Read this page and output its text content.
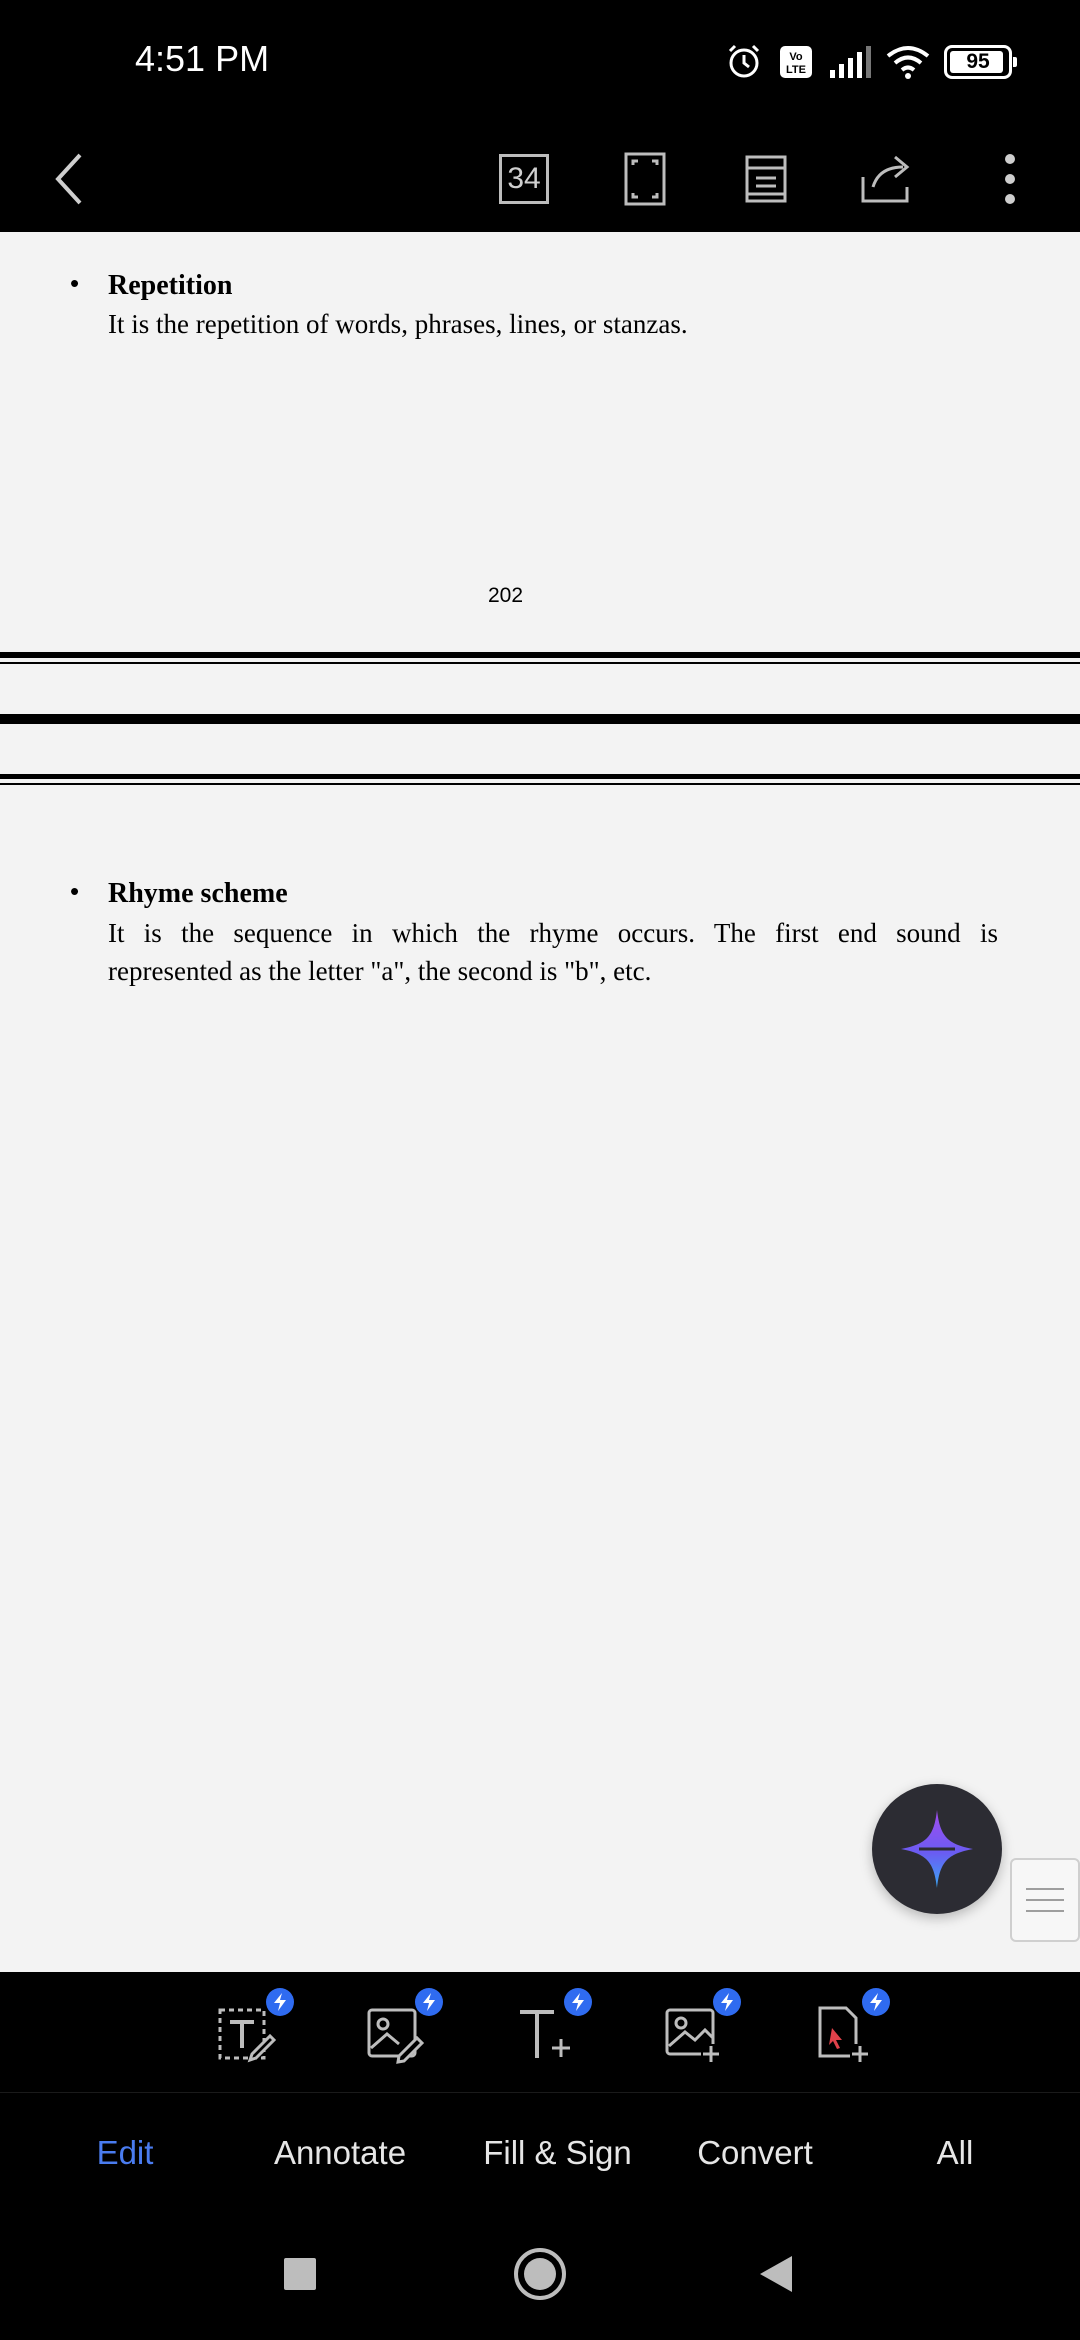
4:51 PM	Vo
LTE	95
34
• Repetition
It is the repetition of words, phrases, lines, or stanzas.
202
• Rhyme scheme
It is the sequence in which the rhyme occurs. The first end sound is
represented as the letter "a", the second is "b", etc.
Edit	Annotate	Fill & Sign	Convert	All
